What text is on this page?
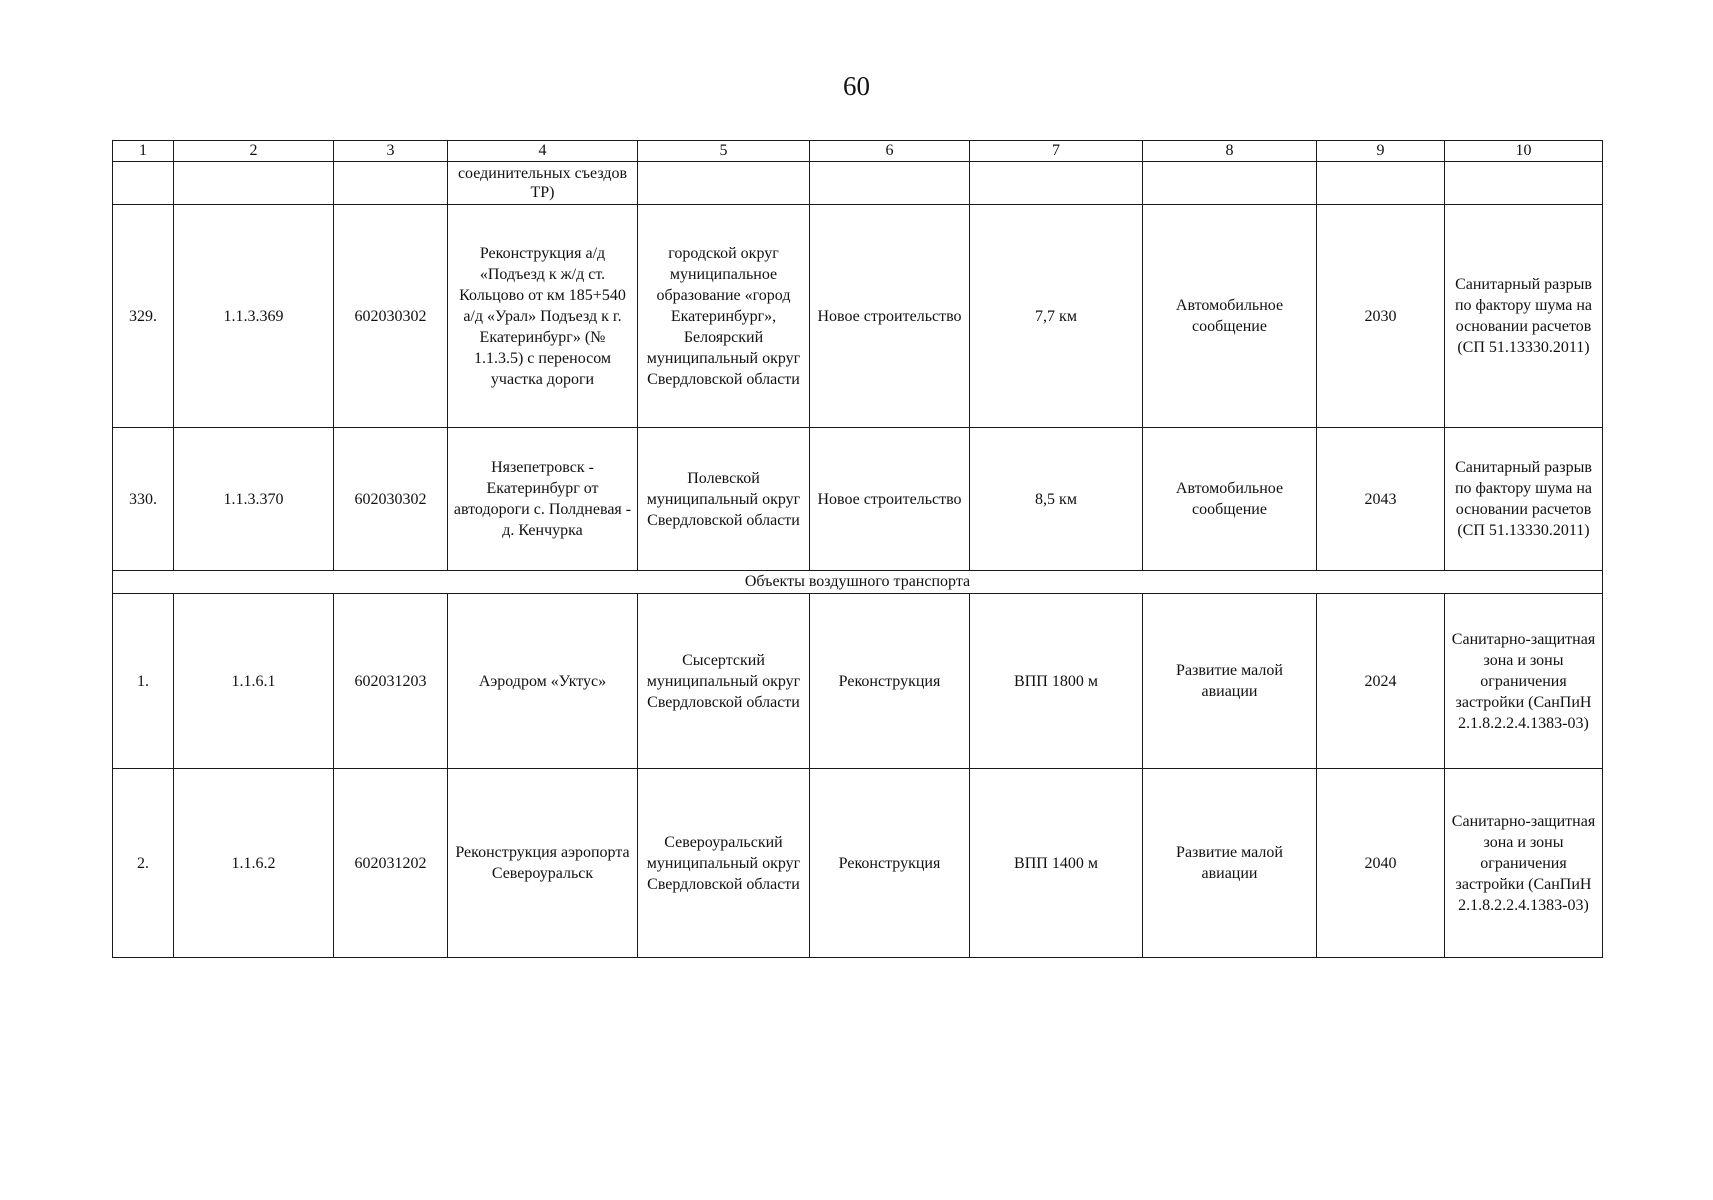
60
1	2	3	4	5	6	7	8	9	10
			соединительных съездов ТР)						
329.	1.1.3.369	602030302	Реконструкция а/д «Подъезд к ж/д ст. Кольцово от км 185+540 а/д «Урал» Подъезд к г. Екатеринбург» (№ 1.1.3.5) с переносом участка дороги	городской округ муниципальное образование «город Екатеринбург», Белоярский муниципальный округ Свердловской области	Новое строительство	7,7 км	Автомобильное сообщение	2030	Санитарный разрыв по фактору шума на основании расчетов (СП 51.13330.2011)
330.	1.1.3.370	602030302	Нязепетровск - Екатеринбург от автодороги с. Полдневая - д. Кенчурка	Полевской муниципальный округ Свердловской области	Новое строительство	8,5 км	Автомобильное сообщение	2043	Санитарный разрыв по фактору шума на основании расчетов (СП 51.13330.2011)
Объекты воздушного транспорта									
1.	1.1.6.1	602031203	Аэродром «Уктус»	Сысертский муниципальный округ Свердловской области	Реконструкция	ВПП 1800 м	Развитие малой авиации	2024	Санитарно-защитная зона и зоны ограничения застройки (СанПиН 2.1.8.2.2.4.1383-03)
2.	1.1.6.2	602031202	Реконструкция аэропорта Североуральск	Североуральский муниципальный округ Свердловской области	Реконструкция	ВПП 1400 м	Развитие малой авиации	2040	Санитарно-защитная зона и зоны ограничения застройки (СанПиН 2.1.8.2.2.4.1383-03)
